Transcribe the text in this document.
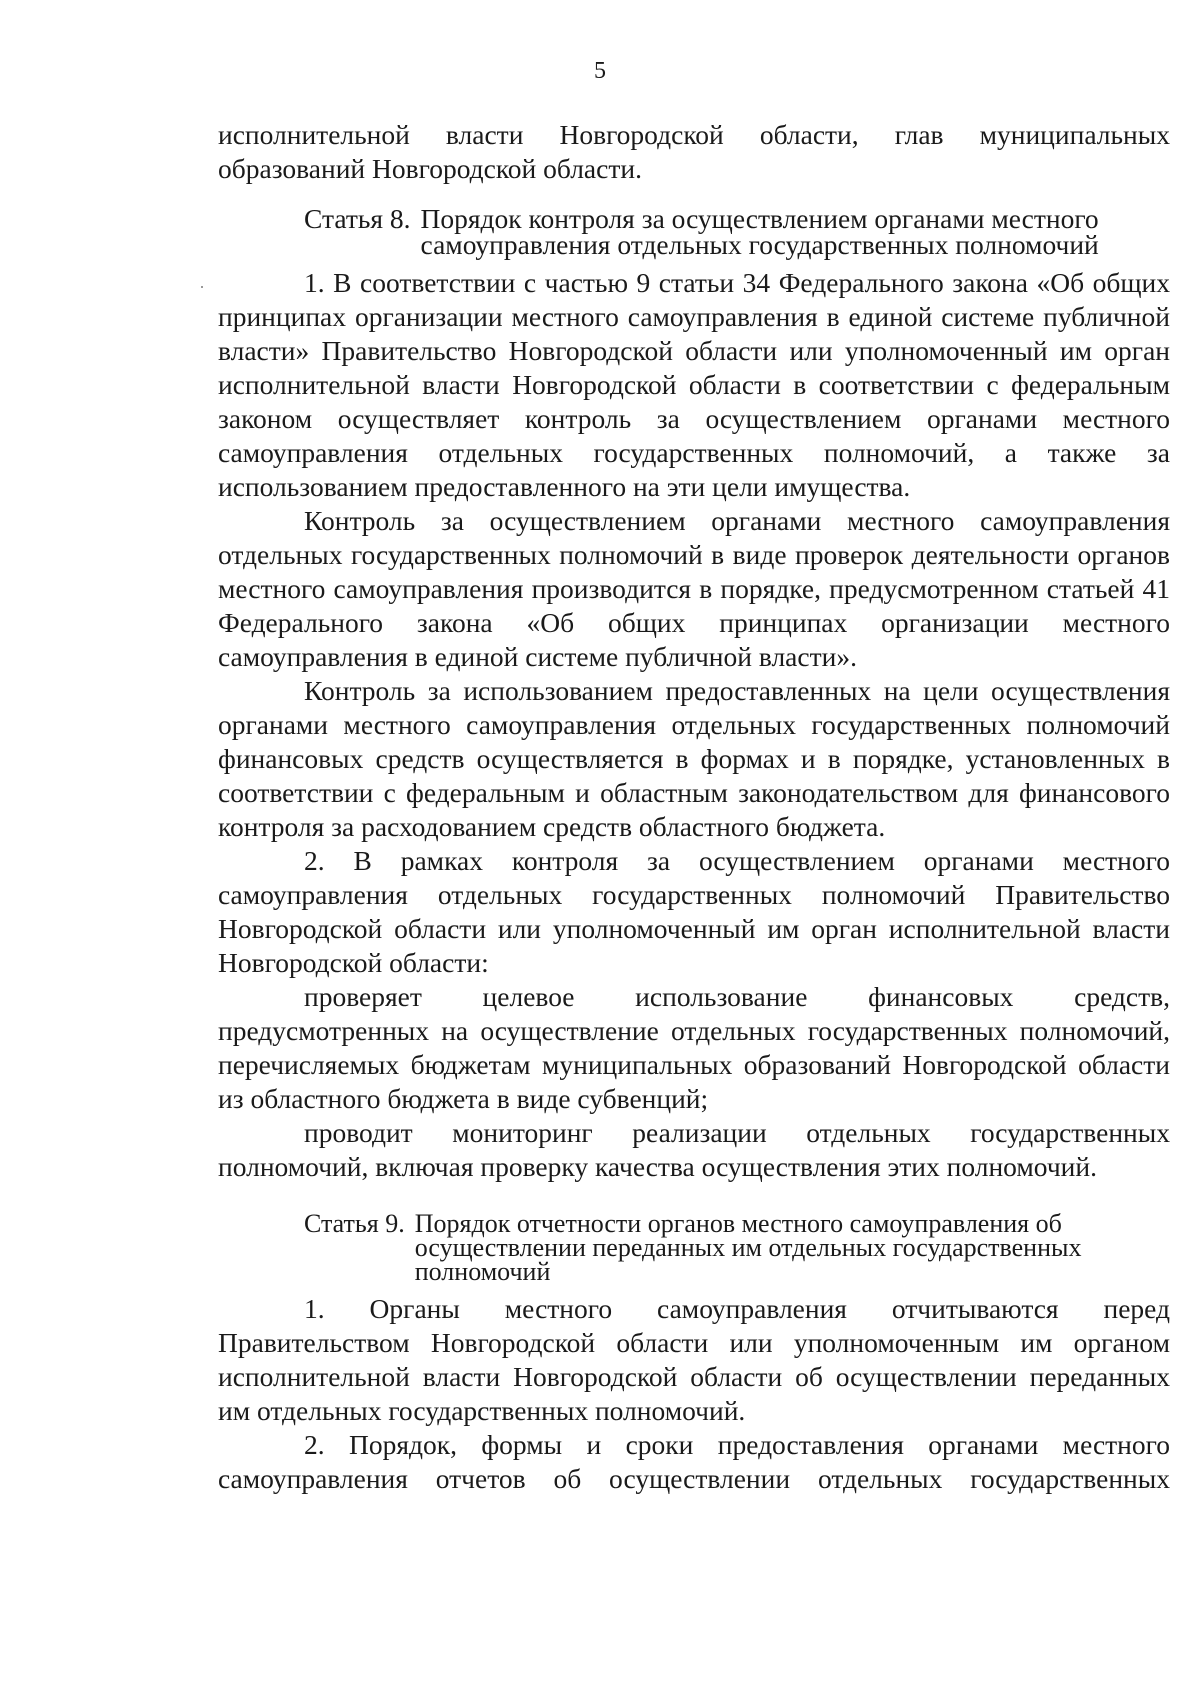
5

исполнительной власти Новгородской области, глав муниципальных образований Новгородской области.

Статья 8. Порядок контроля за осуществлением органами местного самоуправления отдельных государственных полномочий

1. В соответствии с частью 9 статьи 34 Федерального закона «Об общих принципах организации местного самоуправления в единой системе публичной власти» Правительство Новгородской области или уполномоченный им орган исполнительной власти Новгородской области в соответствии с федеральным законом осуществляет контроль за осуществлением органами местного самоуправления отдельных государственных полномочий, а также за использованием предоставленного на эти цели имущества.

Контроль за осуществлением органами местного самоуправления отдельных государственных полномочий в виде проверок деятельности органов местного самоуправления производится в порядке, предусмотренном статьей 41 Федерального закона «Об общих принципах организации местного самоуправления в единой системе публичной власти».

Контроль за использованием предоставленных на цели осуществления органами местного самоуправления отдельных государственных полномочий финансовых средств осуществляется в формах и в порядке, установленных в соответствии с федеральным и областным законодательством для финансового контроля за расходованием средств областного бюджета.

2. В рамках контроля за осуществлением органами местного самоуправления отдельных государственных полномочий Правительство Новгородской области или уполномоченный им орган исполнительной власти Новгородской области:

проверяет целевое использование финансовых средств, предусмотренных на осуществление отдельных государственных полномочий, перечисляемых бюджетам муниципальных образований Новгородской области из областного бюджета в виде субвенций;

проводит мониторинг реализации отдельных государственных полномочий, включая проверку качества осуществления этих полномочий.

Статья 9. Порядок отчетности органов местного самоуправления об осуществлении переданных им отдельных государственных полномочий

1. Органы местного самоуправления отчитываются перед Правительством Новгородской области или уполномоченным им органом исполнительной власти Новгородской области об осуществлении переданных им отдельных государственных полномочий.

2. Порядок, формы и сроки предоставления органами местного самоуправления отчетов об осуществлении отдельных государственных
